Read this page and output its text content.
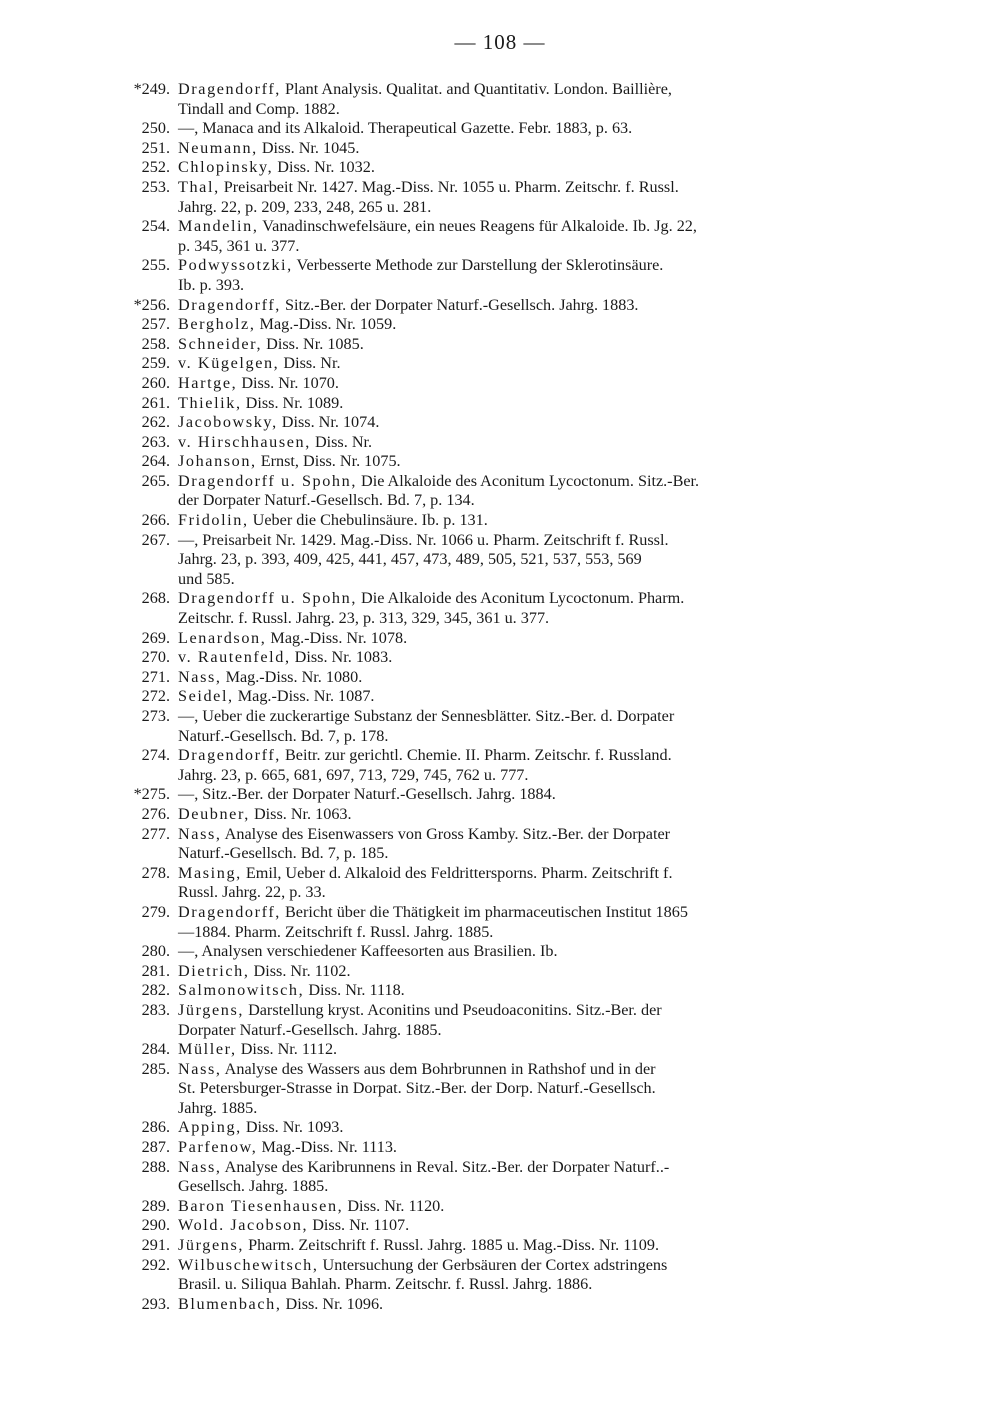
— 108 —
*249. Dragendorff, Plant Analysis. Qualitat. and Quantitativ. London. Baillière,
Tindall and Comp. 1882.
250. —, Manaca and its Alkaloid. Therapeutical Gazette. Febr. 1883, p. 63.
251. Neumann, Diss. Nr. 1045.
252. Chlopinsky, Diss. Nr. 1032.
253. Thal, Preisarbeit Nr. 1427. Mag.-Diss. Nr. 1055 u. Pharm. Zeitschr. f. Russl.
Jahrg. 22, p. 209, 233, 248, 265 u. 281.
254. Mandelin, Vanadinschwefelsäure, ein neues Reagens für Alkaloide. Ib. Jg. 22,
p. 345, 361 u. 377.
255. Podwyssotzki, Verbesserte Methode zur Darstellung der Sklerotinsäure.
Ib. p. 393.
*256. Dragendorff, Sitz.-Ber. der Dorpater Naturf.-Gesellsch. Jahrg. 1883.
257. Bergholz, Mag.-Diss. Nr. 1059.
258. Schneider, Diss. Nr. 1085.
259. v. Kügelgen, Diss. Nr.
260. Hartge, Diss. Nr. 1070.
261. Thielik, Diss. Nr. 1089.
262. Jacobowsky, Diss. Nr. 1074.
263. v. Hirschhausen, Diss. Nr.
264. Johanson, Ernst, Diss. Nr. 1075.
265. Dragendorff u. Spohn, Die Alkaloide des Aconitum Lycoctonum. Sitz.-Ber.
der Dorpater Naturf.-Gesellsch. Bd. 7, p. 134.
266. Fridolin, Ueber die Chebulinsäure. Ib. p. 131.
267. —, Preisarbeit Nr. 1429. Mag.-Diss. Nr. 1066 u. Pharm. Zeitschrift f. Russl.
Jahrg. 23, p. 393, 409, 425, 441, 457, 473, 489, 505, 521, 537, 553, 569
und 585.
268. Dragendorff u. Spohn, Die Alkaloide des Aconitum Lycoctonum. Pharm.
Zeitschr. f. Russl. Jahrg. 23, p. 313, 329, 345, 361 u. 377.
269. Lenardson, Mag.-Diss. Nr. 1078.
270. v. Rautenfeld, Diss. Nr. 1083.
271. Nass, Mag.-Diss. Nr. 1080.
272. Seidel, Mag.-Diss. Nr. 1087.
273. —, Ueber die zuckerartige Substanz der Sennesblätter. Sitz.-Ber. d. Dorpater
Naturf.-Gesellsch. Bd. 7, p. 178.
274. Dragendorff, Beitr. zur gerichtl. Chemie. II. Pharm. Zeitschr. f. Russland.
Jahrg. 23, p. 665, 681, 697, 713, 729, 745, 762 u. 777.
*275. —, Sitz.-Ber. der Dorpater Naturf.-Gesellsch. Jahrg. 1884.
276. Deubner, Diss. Nr. 1063.
277. Nass, Analyse des Eisenwassers von Gross Kamby. Sitz.-Ber. der Dorpater
Naturf.-Gesellsch. Bd. 7, p. 185.
278. Masing, Emil, Ueber d. Alkaloid des Feldrittersporns. Pharm. Zeitschrift f.
Russl. Jahrg. 22, p. 33.
279. Dragendorff, Bericht über die Thätigkeit im pharmaceutischen Institut 1865
—1884. Pharm. Zeitschrift f. Russl. Jahrg. 1885.
280. —, Analysen verschiedener Kaffeesorten aus Brasilien. Ib.
281. Dietrich, Diss. Nr. 1102.
282. Salmonowitsch, Diss. Nr. 1118.
283. Jürgens, Darstellung kryst. Aconitins und Pseudoaconitins. Sitz.-Ber. der
Dorpater Naturf.-Gesellsch. Jahrg. 1885.
284. Müller, Diss. Nr. 1112.
285. Nass, Analyse des Wassers aus dem Bohrbrunnen in Rathshof und in der
St. Petersburger-Strasse in Dorpat. Sitz.-Ber. der Dorp. Naturf.-Gesellsch.
Jahrg. 1885.
286. Apping, Diss. Nr. 1093.
287. Parfenow, Mag.-Diss. Nr. 1113.
288. Nass, Analyse des Karibrunnens in Reval. Sitz.-Ber. der Dorpater Naturf..-
Gesellsch. Jahrg. 1885.
289. Baron Tiesenhausen, Diss. Nr. 1120.
290. Wold. Jacobson, Diss. Nr. 1107.
291. Jürgens, Pharm. Zeitschrift f. Russl. Jahrg. 1885 u. Mag.-Diss. Nr. 1109.
292. Wilbuschewitsch, Untersuchung der Gerbsäuren der Cortex adstringens
Brasil. u. Siliqua Bahlah. Pharm. Zeitschr. f. Russl. Jahrg. 1886.
293. Blumenbach, Diss. Nr. 1096.
